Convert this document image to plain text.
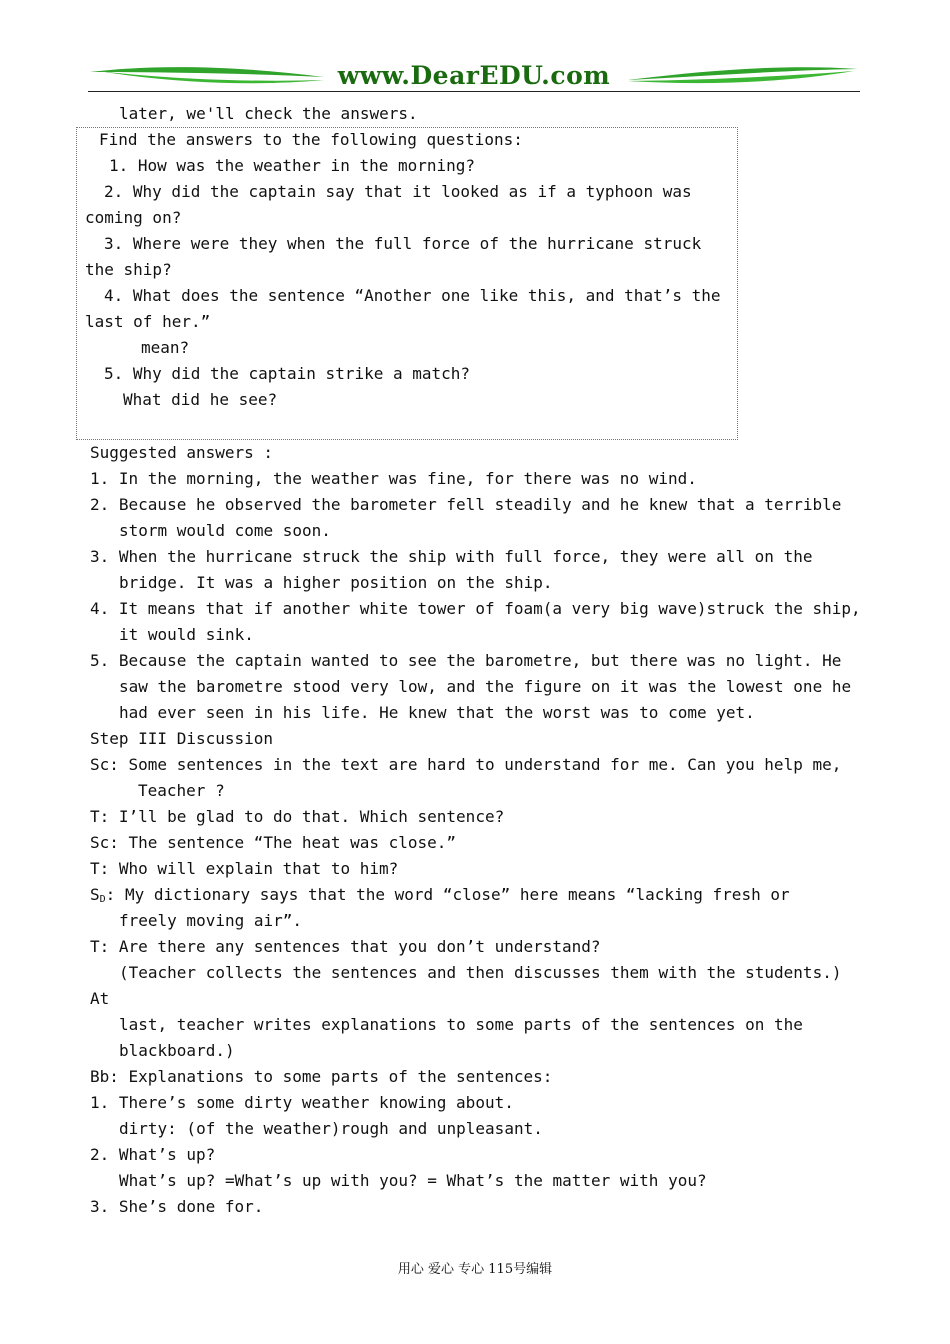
www.DearEDU.com
later, we'll check the answers.
Find the answers to the following questions:
1. How was the weather in the morning?
2. Why did the captain say that it looked as if a typhoon was
coming on?
3. Where were they when the full force of the hurricane struck
the ship?
4. What does the sentence “Another one like this, and that’s the
last of her.”
mean?
5. Why did the captain strike a match?
What did he see?
Suggested answers :
1. In the morning, the weather was fine, for there was no wind.
2. Because he observed the barometer fell steadily and he knew that a terrible
storm would come soon.
3. When the hurricane struck the ship with full force, they were all on the
bridge. It was a higher position on the ship.
4. It means that if another white tower of foam(a very big wave)struck the ship,
it would sink.
5. Because the captain wanted to see the barometre, but there was no light. He
saw the barometre stood very low, and the figure on it was the lowest one he
had ever seen in his life. He knew that the worst was to come yet.
Step III Discussion
Sc: Some sentences in the text are hard to understand for me. Can you help me,
Teacher ?
T: I’ll be glad to do that. Which sentence?
Sc: The sentence “The heat was close.”
T: Who will explain that to him?
$S_D$: My dictionary says that the word “close” here means “lacking fresh or
freely moving air”.
T: Are there any sentences that you don’t understand?
(Teacher collects the sentences and then discusses them with the students.)
At
last, teacher writes explanations to some parts of the sentences on the
blackboard.)
Bb: Explanations to some parts of the sentences:
1. There’s some dirty weather knowing about.
dirty: (of the weather)rough and unpleasant.
2. What’s up?
What’s up? =What’s up with you? = What’s the matter with you?
3. She’s done for.
用心 爱心 专心 115号编辑
